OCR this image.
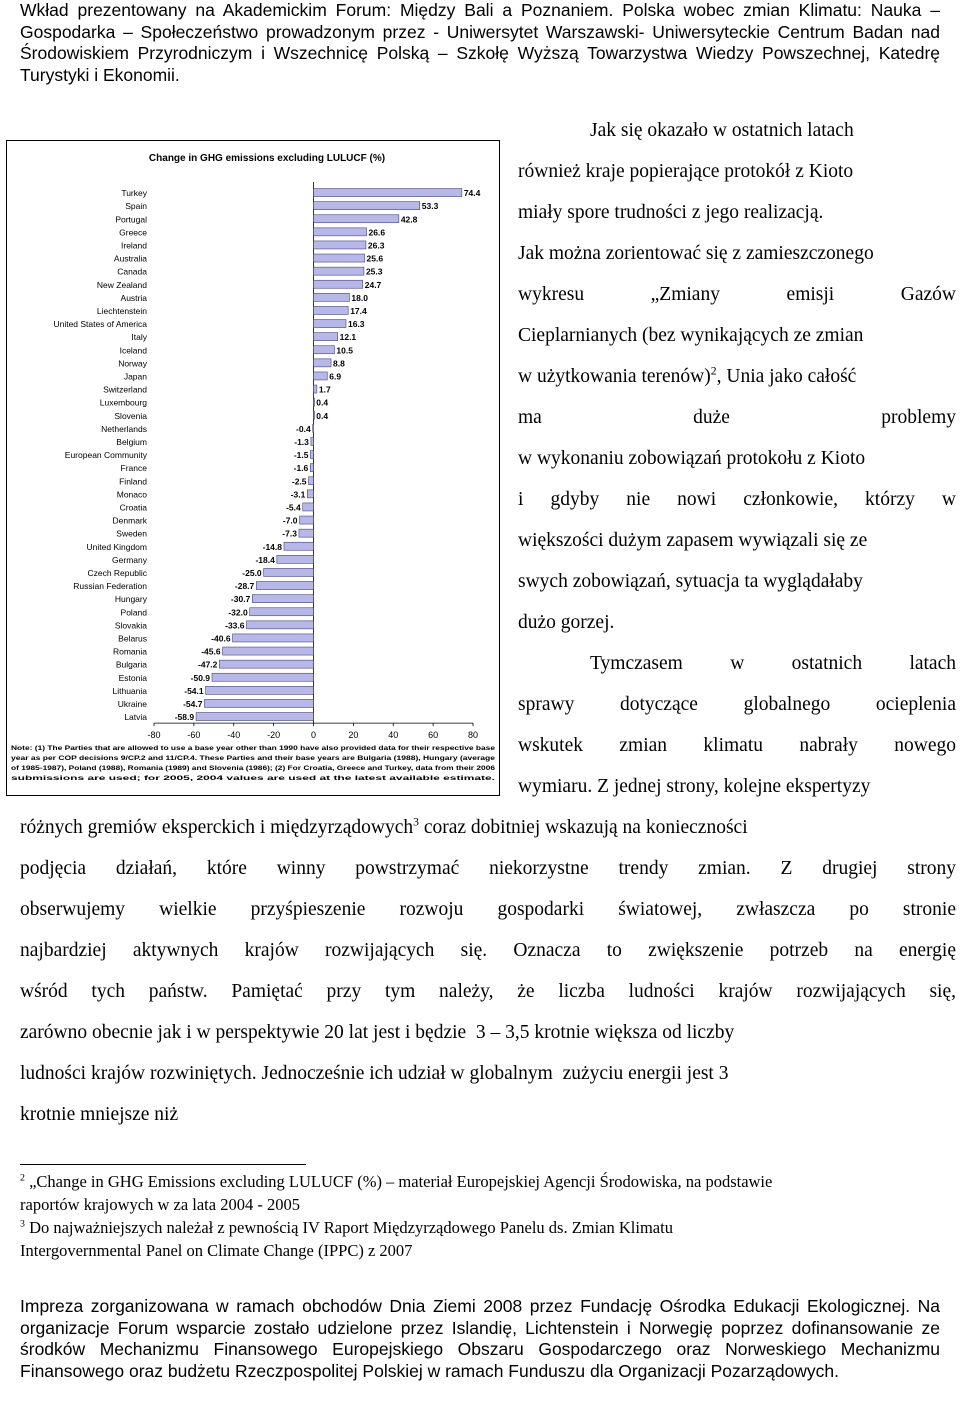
Wkład prezentowany na Akademickim Forum: Między Bali a Poznaniem. Polska wobec zmian Klimatu: Nauka – Gospodarka – Społeczeństwo prowadzonym przez - Uniwersytet Warszawski- Uniwersyteckie Centrum Badan nad Środowiskiem Przyrodniczym i Wszechnicę Polską – Szkołę Wyższą Towarzystwa Wiedzy Powszechnej, Katedrę Turystyki i Ekonomii.

Change in GHG emissions excluding LULUCF (%)
Turkey	74.4
Spain	53.3
Portugal	42.8
Greece	26.6
Ireland	26.3
Australia	25.6
Canada	25.3
New Zealand	24.7
Austria	18.0
Liechtenstein	17.4
United States of America	16.3
Italy	12.1
Iceland	10.5
Norway	8.8
Japan	6.9
Switzerland	1.7
Luxembourg	0.4
Slovenia	0.4
Netherlands	-0.4
Belgium	-1.3
European Community	-1.5
France	-1.6
Finland	-2.5
Monaco	-3.1
Croatia	-5.4
Denmark	-7.0
Sweden	-7.3
United Kingdom	-14.8
Germany	-18.4
Czech Republic	-25.0
Russian Federation	-28.7
Hungary	-30.7
Poland	-32.0
Slovakia	-33.6
Belarus	-40.6
Romania	-45.6
Bulgaria	-47.2
Estonia	-50.9
Lithuania	-54.1
Ukraine	-54.7
Latvia	-58.9
-80	-60	-40	-20	0	20	40	60	80
Note: (1) The Parties that are allowed to use a base year other than 1990 have also provided data for their respective base
year as per COP decisions 9/CP.2 and 11/CP.4. These Parties and their base years are Bulgaria (1988), Hungary (average
of 1985-1987), Poland (1988), Romania (1989) and Slovenia (1986); (2) For Croatia, Greece and Turkey, data from their 2006
submissions are used; for 2005, 2004 values are used at the latest available estimate.
Jak się okazało w ostatnich latach
również kraje popierające protokół z Kioto
miały spore trudności z jego realizacją.
Jak można zorientować się z zamieszczonego
wykresu „Zmiany emisji Gazów
Cieplarnianych (bez wynikających ze zmian
w użytkowania terenów)$^2$, Unia jako całość
ma duże problemy
w wykonaniu zobowiązań protokołu z Kioto
i gdyby nie nowi członkowie, którzy w
większości dużym zapasem wywiązali się ze
swych zobowiązań, sytuacja ta wyglądałaby
dużo gorzej.
Tymczasem w ostatnich latach
sprawy dotyczące globalnego ocieplenia
wskutek zmian klimatu nabrały nowego
wymiaru. Z jednej strony, kolejne ekspertyzy
różnych gremiów eksperckich i międzyrządowych$^3$ coraz dobitniej wskazują na konieczności
podjęcia działań, które winny powstrzymać niekorzystne trendy zmian. Z drugiej strony
obserwujemy wielkie przyśpieszenie rozwoju gospodarki światowej, zwłaszcza po stronie
najbardziej aktywnych krajów rozwijających się. Oznacza to zwiększenie potrzeb na energię
wśród tych państw. Pamiętać przy tym należy, że liczba ludności krajów rozwijających się,
zarówno obecnie jak i w perspektywie 20 lat jest i będzie  3 – 3,5 krotnie większa od liczby
ludności krajów rozwiniętych. Jednocześnie ich udział w globalnym  zużyciu energii jest 3
krotnie mniejsze niż
$^2$ „Change in GHG Emissions excluding LULUCF (%) – materiał Europejskiej Agencji Środowiska, na podstawie
raportów krajowych w za lata 2004 - 2005
$^3$ Do najważniejszych należał z pewnością IV Raport Międzyrządowego Panelu ds. Zmian Klimatu
Intergovernmental Panel on Climate Change (IPPC) z 2007

Impreza zorganizowana w ramach obchodów Dnia Ziemi 2008 przez Fundację Ośrodka Edukacji Ekologicznej. Na organizacje Forum wsparcie zostało udzielone przez Islandię, Lichtenstein i Norwegię poprzez dofinansowanie ze środków Mechanizmu Finansowego Europejskiego Obszaru Gospodarczego oraz Norweskiego Mechanizmu Finansowego oraz budżetu Rzeczpospolitej Polskiej w ramach Funduszu dla Organizacji Pozarządowych.
